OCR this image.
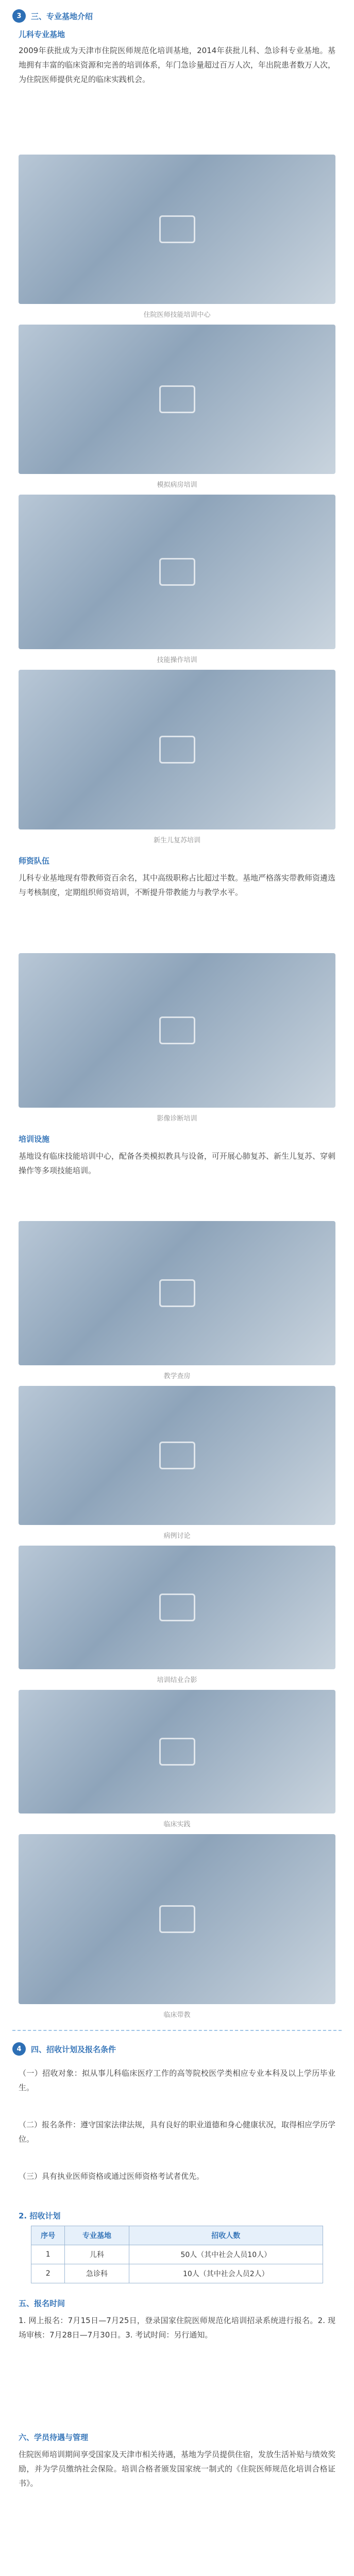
3	三、专业基地介绍
儿科专业基地
2009年获批成为天津市住院医师规范化培训基地，2014年获批儿科、急诊科专业基地。基地拥有丰富的临床资源和完善的培训体系，年门急诊量超过百万人次，年出院患者数万人次，为住院医师提供充足的临床实践机会。
住院医师技能培训中心
模拟病房培训
技能操作培训
新生儿复苏培训
师资队伍
儿科专业基地现有带教师资百余名，其中高级职称占比超过半数。基地严格落实带教师资遴选与考核制度，定期组织师资培训，不断提升带教能力与教学水平。
影像诊断培训
培训设施
基地设有临床技能培训中心，配备各类模拟教具与设备，可开展心肺复苏、新生儿复苏、穿刺操作等多项技能培训。
教学查房
病例讨论
培训结业合影
临床实践
临床带教
4	四、招收计划及报名条件
（一）招收对象：拟从事儿科临床医疗工作的高等院校医学类相应专业本科及以上学历毕业生。
（二）报名条件：遵守国家法律法规，具有良好的职业道德和身心健康状况，取得相应学历学位。
（三）具有执业医师资格或通过医师资格考试者优先。
2. 招收计划
序号	专业基地	招收人数
1	儿科	50人（其中社会人员10人）
2	急诊科	10人（其中社会人员2人）
五、报名时间
1. 网上报名：7月15日—7月25日，登录国家住院医师规范化培训招录系统进行报名。2. 现场审核：7月28日—7月30日。3. 考试时间：另行通知。
六、学员待遇与管理
住院医师培训期间享受国家及天津市相关待遇，基地为学员提供住宿，发放生活补贴与绩效奖励，并为学员缴纳社会保险。培训合格者颁发国家统一制式的《住院医师规范化培训合格证书》。
